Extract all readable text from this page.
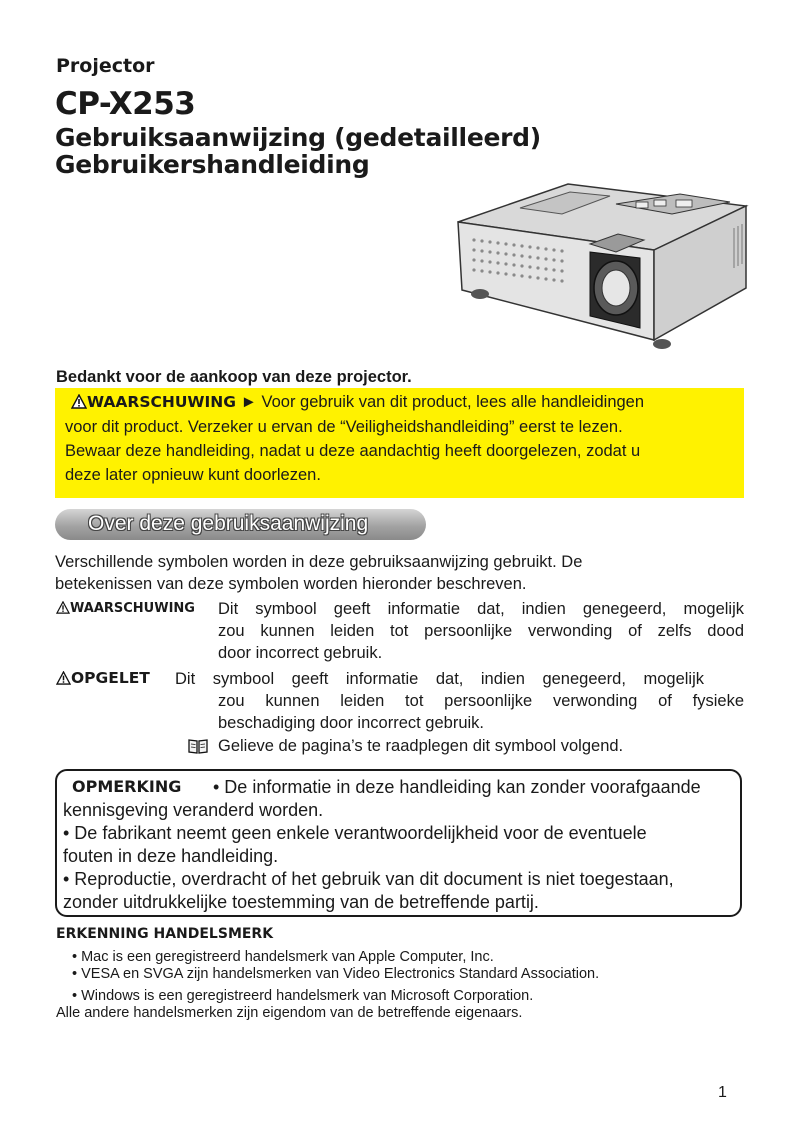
Projector
CP-X253
Gebruiksaanwijzing (gedetailleerd)
Gebruikershandleiding
Bedankt voor de aankoop van deze projector.
WAARSCHUWING ► Voor gebruik van dit product, lees alle handleidingen
voor dit product. Verzeker u ervan de “Veiligheidshandleiding” eerst te lezen.
Bewaar deze handleiding, nadat u deze aandachtig heeft doorgelezen, zodat u
deze later opnieuw kunt doorlezen.
Over deze gebruiksaanwijzing
Verschillende symbolen worden in deze gebruiksaanwijzing gebruikt. De
betekenissen van deze symbolen worden hieronder beschreven.
WAARSCHUWING Dit symbool geeft informatie dat, indien genegeerd, mogelijk
zou kunnen leiden tot persoonlijke verwonding of zelfs dood
door incorrect gebruik.
OPGELET Dit symbool geeft informatie dat, indien genegeerd, mogelijk
zou kunnen leiden tot persoonlijke verwonding of fysieke
beschadiging door incorrect gebruik.
Gelieve de pagina’s te raadplegen dit symbool volgend.
OPMERKING • De informatie in deze handleiding kan zonder voorafgaande
kennisgeving veranderd worden.
• De fabrikant neemt geen enkele verantwoordelijkheid voor de eventuele
fouten in deze handleiding.
• Reproductie, overdracht of het gebruik van dit document is niet toegestaan,
zonder uitdrukkelijke toestemming van de betreffende partij.
ERKENNING HANDELSMERK
• Mac is een geregistreerd handelsmerk van Apple Computer, Inc.
• VESA en SVGA zijn handelsmerken van Video Electronics Standard Association.
• Windows is een geregistreerd handelsmerk van Microsoft Corporation.
Alle andere handelsmerken zijn eigendom van de betreffende eigenaars.
1
